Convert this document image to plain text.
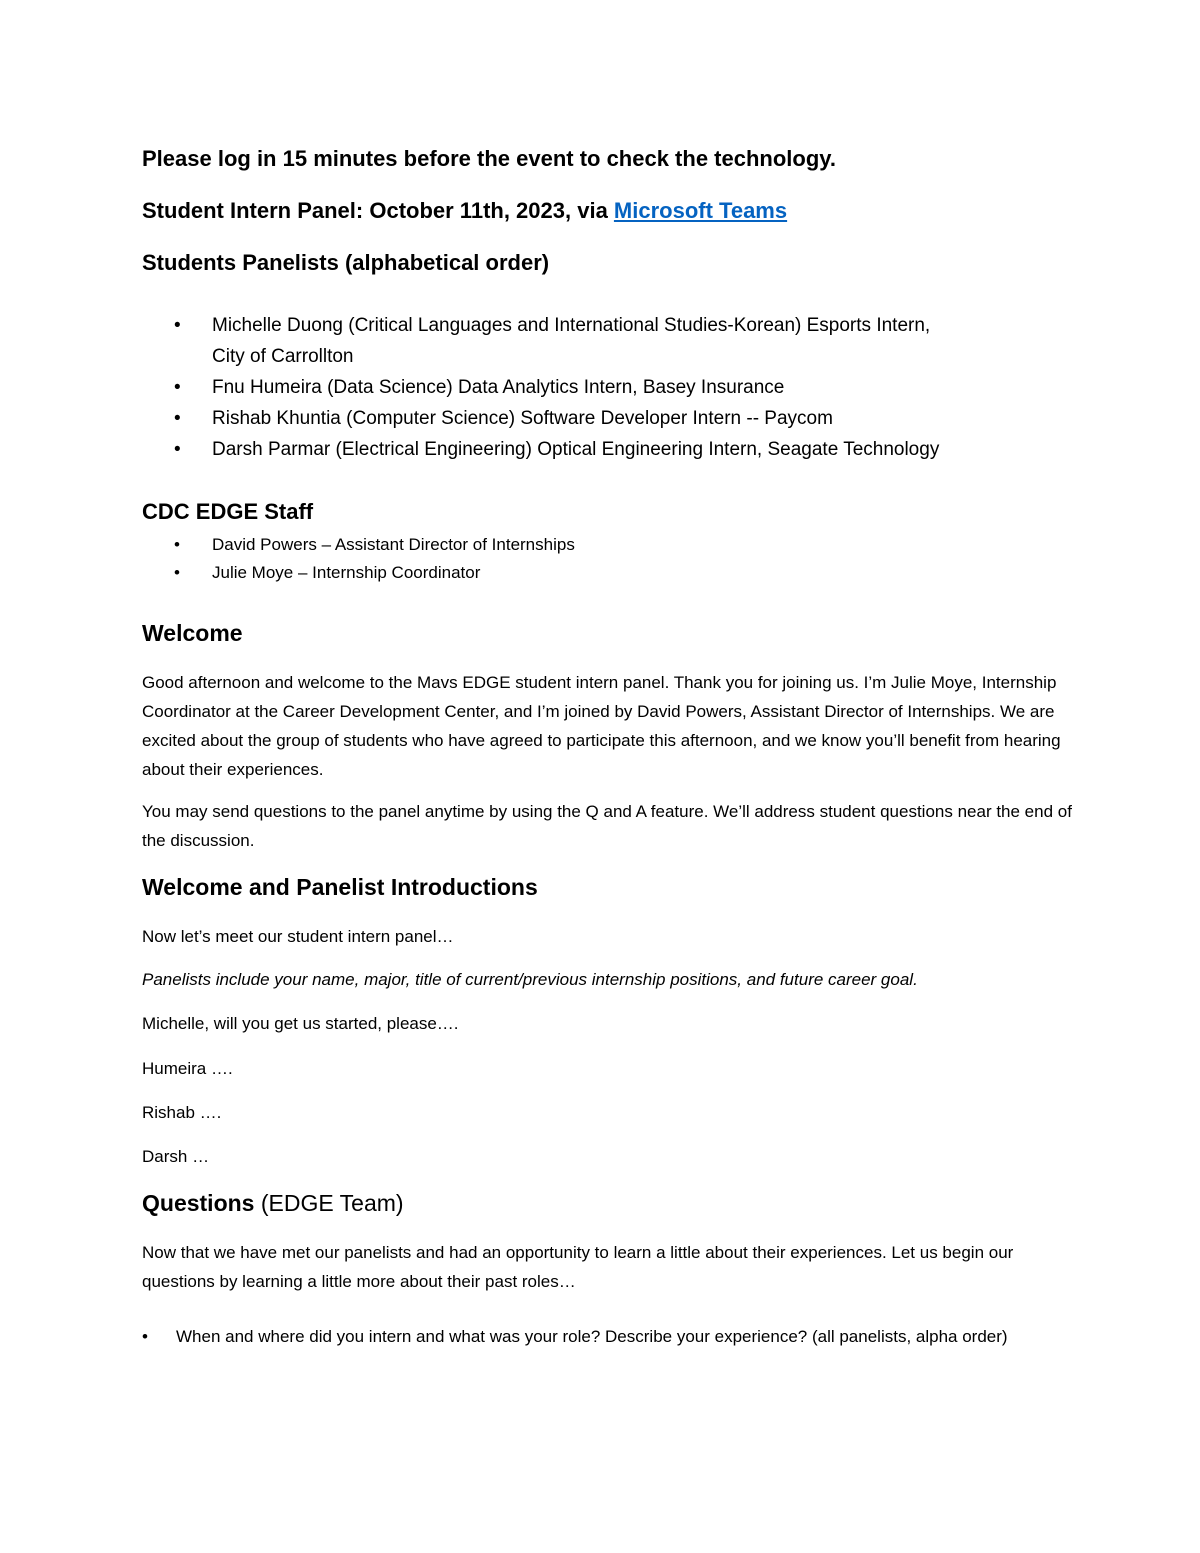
Please log in 15 minutes before the event to check the technology.

Student Intern Panel: October 11th, 2023, via Microsoft Teams

Students Panelists (alphabetical order)

• Michelle Duong (Critical Languages and International Studies-Korean) Esports Intern,
City of Carrollton
• Fnu Humeira (Data Science) Data Analytics Intern, Basey Insurance
• Rishab Khuntia (Computer Science) Software Developer Intern -- Paycom
• Darsh Parmar (Electrical Engineering) Optical Engineering Intern, Seagate Technology

CDC EDGE Staff

• David Powers – Assistant Director of Internships
• Julie Moye – Internship Coordinator

Welcome

Good afternoon and welcome to the Mavs EDGE student intern panel. Thank you for joining us. I’m Julie Moye, Internship Coordinator at the Career Development Center, and I’m joined by David Powers, Assistant Director of Internships. We are excited about the group of students who have agreed to participate this afternoon, and we know you’ll benefit from hearing about their experiences.

You may send questions to the panel anytime by using the Q and A feature. We’ll address student questions near the end of the discussion.

Welcome and Panelist Introductions

Now let’s meet our student intern panel…

Panelists include your name, major, title of current/previous internship positions, and future career goal.

Michelle, will you get us started, please….

Humeira ….

Rishab ….

Darsh …

Questions (EDGE Team)

Now that we have met our panelists and had an opportunity to learn a little about their experiences. Let us begin our questions by learning a little more about their past roles…

• When and where did you intern and what was your role? Describe your experience? (all panelists, alpha order)
